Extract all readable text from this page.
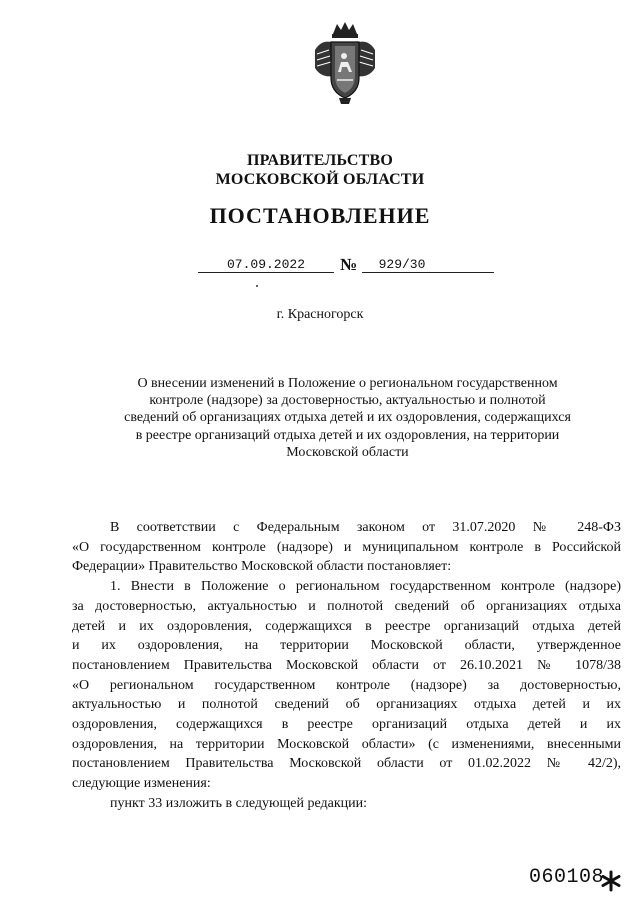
ПРАВИТЕЛЬСТВО
МОСКОВСКОЙ ОБЛАСТИ
ПОСТАНОВЛЕНИЕ
07.09.2022	№	929/30
г. Красногорск
О внесении изменений в Положение о региональном государственном
контроле (надзоре) за достоверностью, актуальностью и полнотой
сведений об организациях отдыха детей и их оздоровления, содержащихся
в реестре организаций отдыха детей и их оздоровления, на территории
Московской области
В соответствии с Федеральным законом от 31.07.2020 № 248-ФЗ
«О государственном контроле (надзоре) и муниципальном контроле в Российской
Федерации» Правительство Московской области постановляет:
1. Внести в Положение о региональном государственном контроле (надзоре)
за достоверностью, актуальностью и полнотой сведений об организациях отдыха
детей и их оздоровления, содержащихся в реестре организаций отдыха детей
и их оздоровления, на территории Московской области, утвержденное
постановлением Правительства Московской области от 26.10.2021 № 1078/38
«О региональном государственном контроле (надзоре) за достоверностью,
актуальностью и полнотой сведений об организациях отдыха детей и их
оздоровления, содержащихся в реестре организаций отдыха детей и их
оздоровления, на территории Московской области» (с изменениями, внесенными
постановлением Правительства Московской области от 01.02.2022 № 42/2),
следующие изменения:
пункт 33 изложить в следующей редакции:
060108
